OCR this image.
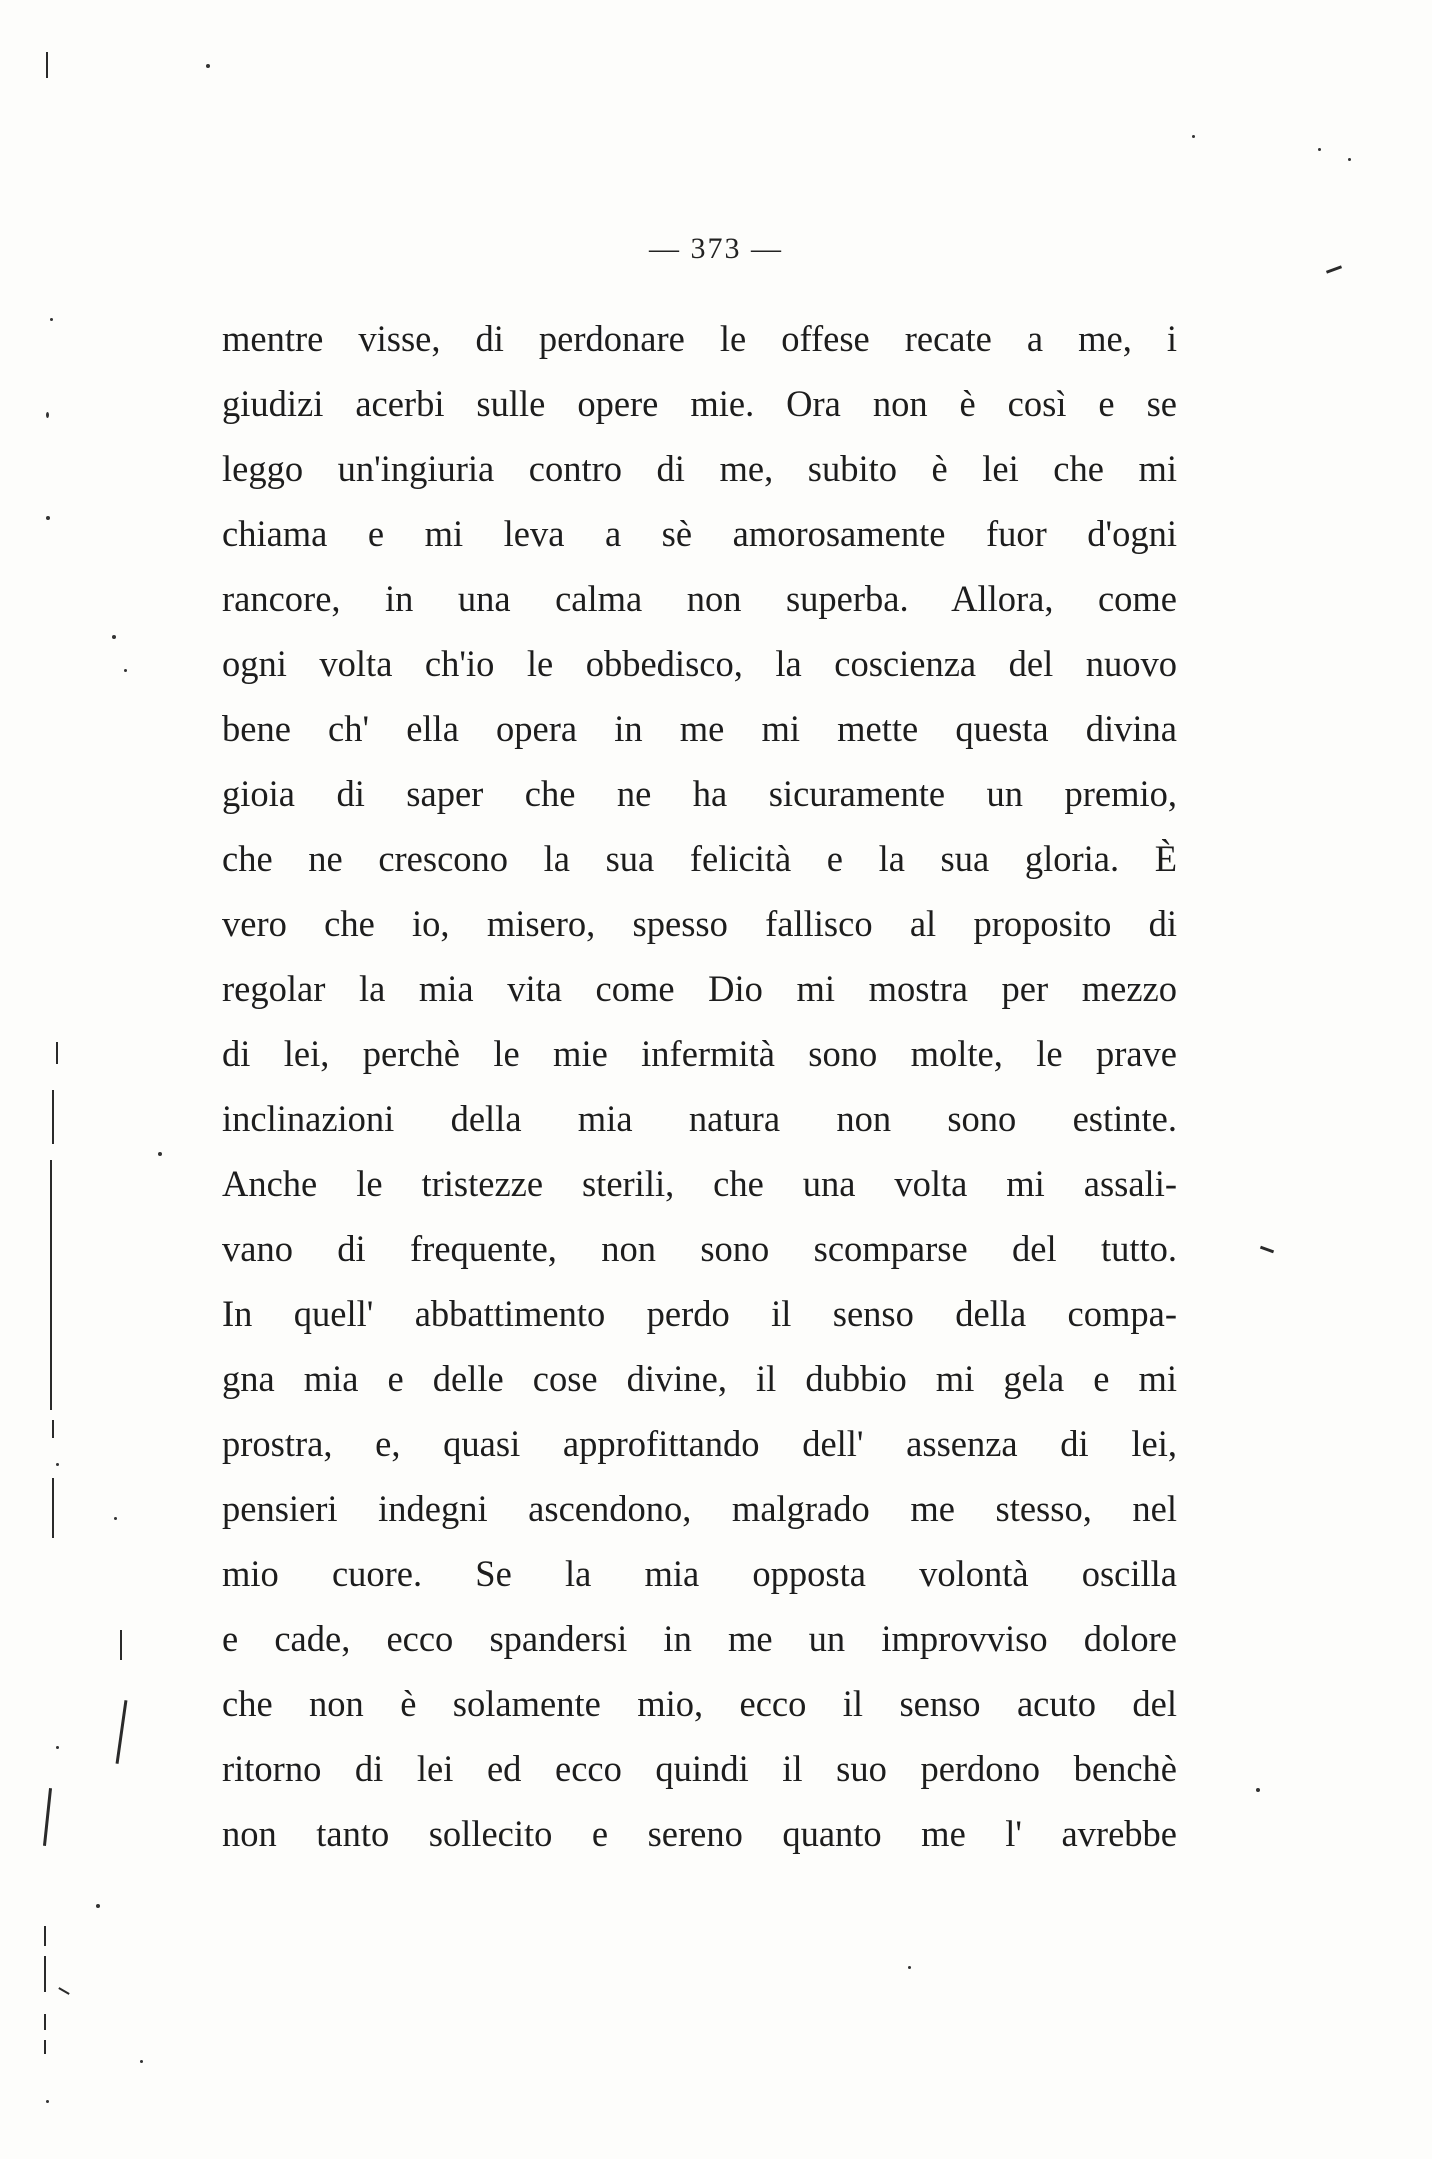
— 373 —
mentre visse, di perdonare le offese recate a me, i
giudizi acerbi sulle opere mie. Ora non è così e se
leggo un'ingiuria contro di me, subito è lei che mi
chiama e mi leva a sè amorosamente fuor d'ogni
rancore, in una calma non superba. Allora, come
ogni volta ch'io le obbedisco, la coscienza del nuovo
bene ch' ella opera in me mi mette questa divina
gioia di saper che ne ha sicuramente un premio,
che ne crescono la sua felicità e la sua gloria. È
vero che io, misero, spesso fallisco al proposito di
regolar la mia vita come Dio mi mostra per mezzo
di lei, perchè le mie infermità sono molte, le prave
inclinazioni della mia natura non sono estinte.
Anche le tristezze sterili, che una volta mi assali-
vano di frequente, non sono scomparse del tutto.
In quell' abbattimento perdo il senso della compa-
gna mia e delle cose divine, il dubbio mi gela e mi
prostra, e, quasi approfittando dell' assenza di lei,
pensieri indegni ascendono, malgrado me stesso, nel
mio cuore. Se la mia opposta volontà oscilla
e cade, ecco spandersi in me un improvviso dolore
che non è solamente mio, ecco il senso acuto del
ritorno di lei ed ecco quindi il suo perdono benchè
non tanto sollecito e sereno quanto me l' avrebbe
